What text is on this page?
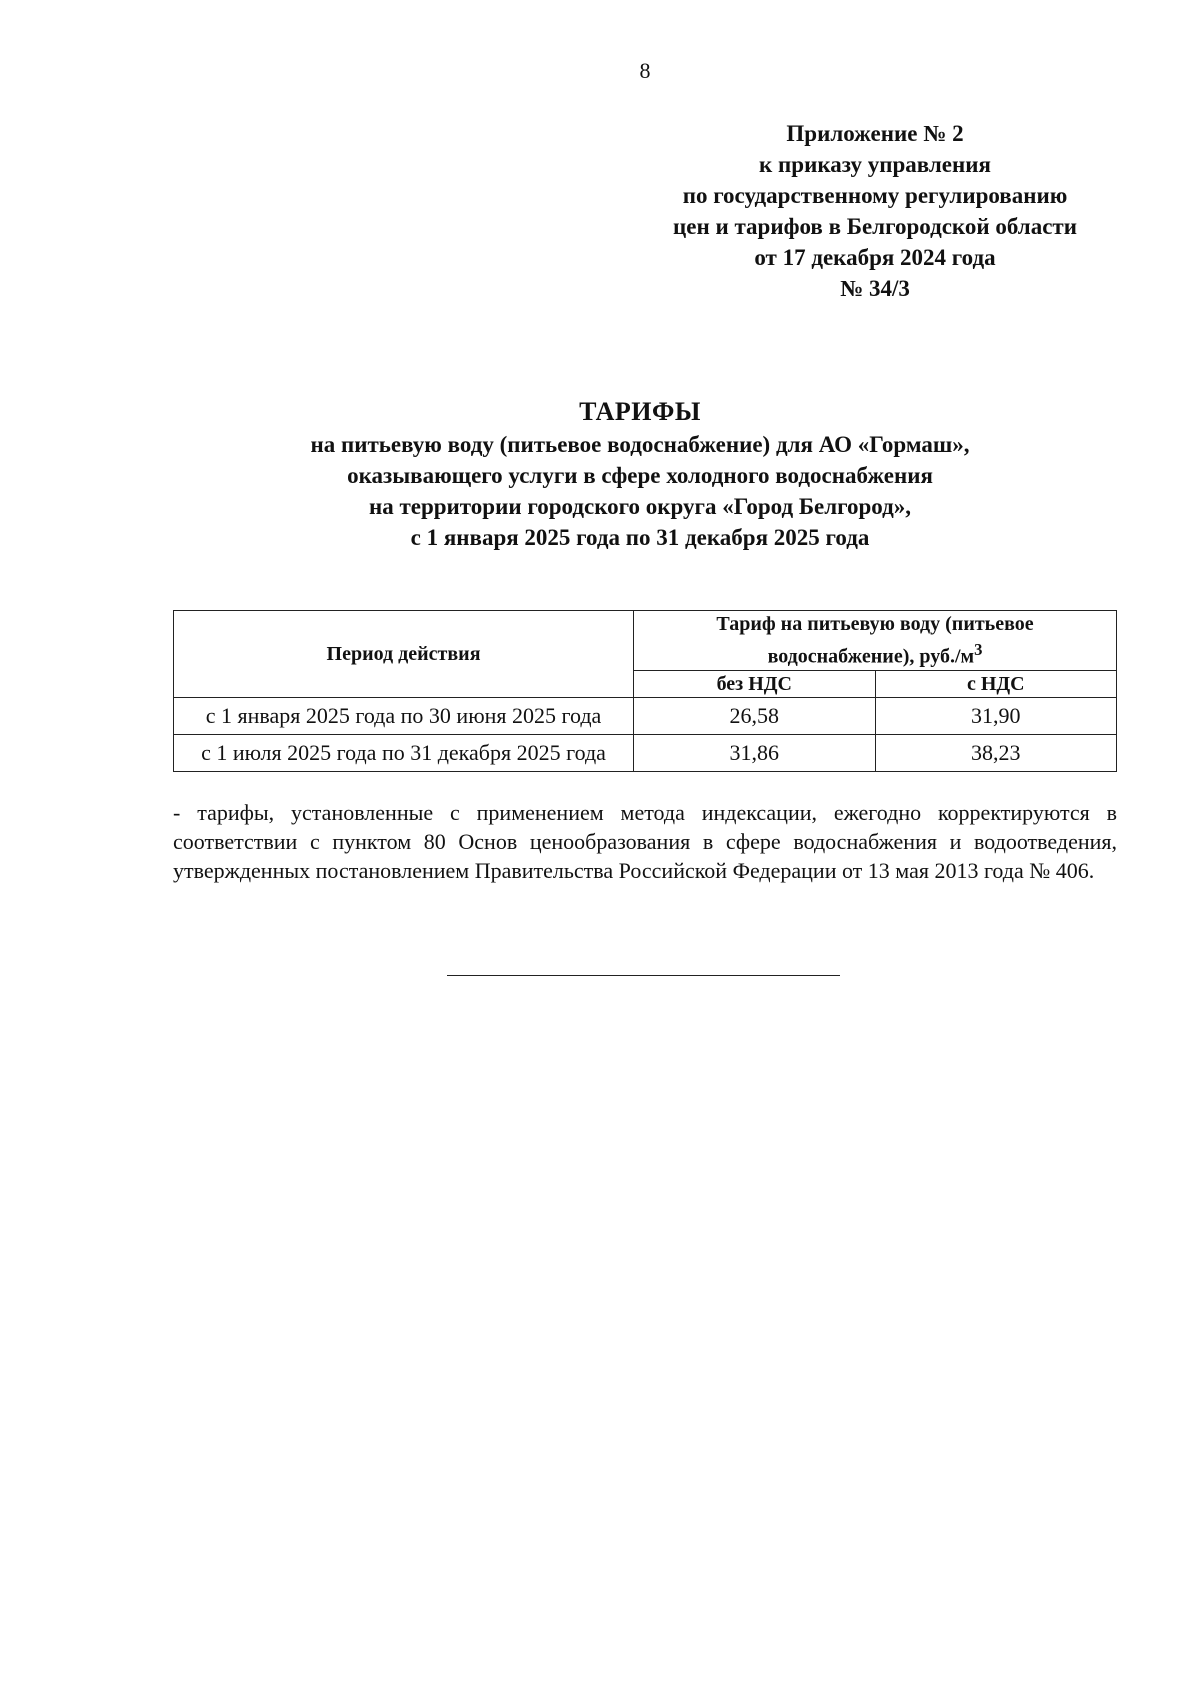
8
Приложение № 2
к приказу управления
по государственному регулированию
цен и тарифов в Белгородской области
от 17 декабря 2024 года
№ 34/3
ТАРИФЫ
на питьевую воду (питьевое водоснабжение) для АО «Гормаш»,
оказывающего услуги в сфере холодного водоснабжения
на территории городского округа «Город Белгород»,
с 1 января 2025 года по 31 декабря 2025 года
Период действия	Тариф на питьевую воду (питьевое
водоснабжение), $руб./м^3$
	без НДС	с НДС
с 1 января 2025 года по 30 июня 2025 года	26,58	31,90
с 1 июля 2025 года по 31 декабря 2025 года	31,86	38,23
- тарифы, установленные с применением метода индексации, ежегодно корректируются в соответствии с пунктом 80 Основ ценообразования в сфере водоснабжения и водоотведения, утвержденных постановлением Правительства Российской Федерации от 13 мая 2013 года № 406.
